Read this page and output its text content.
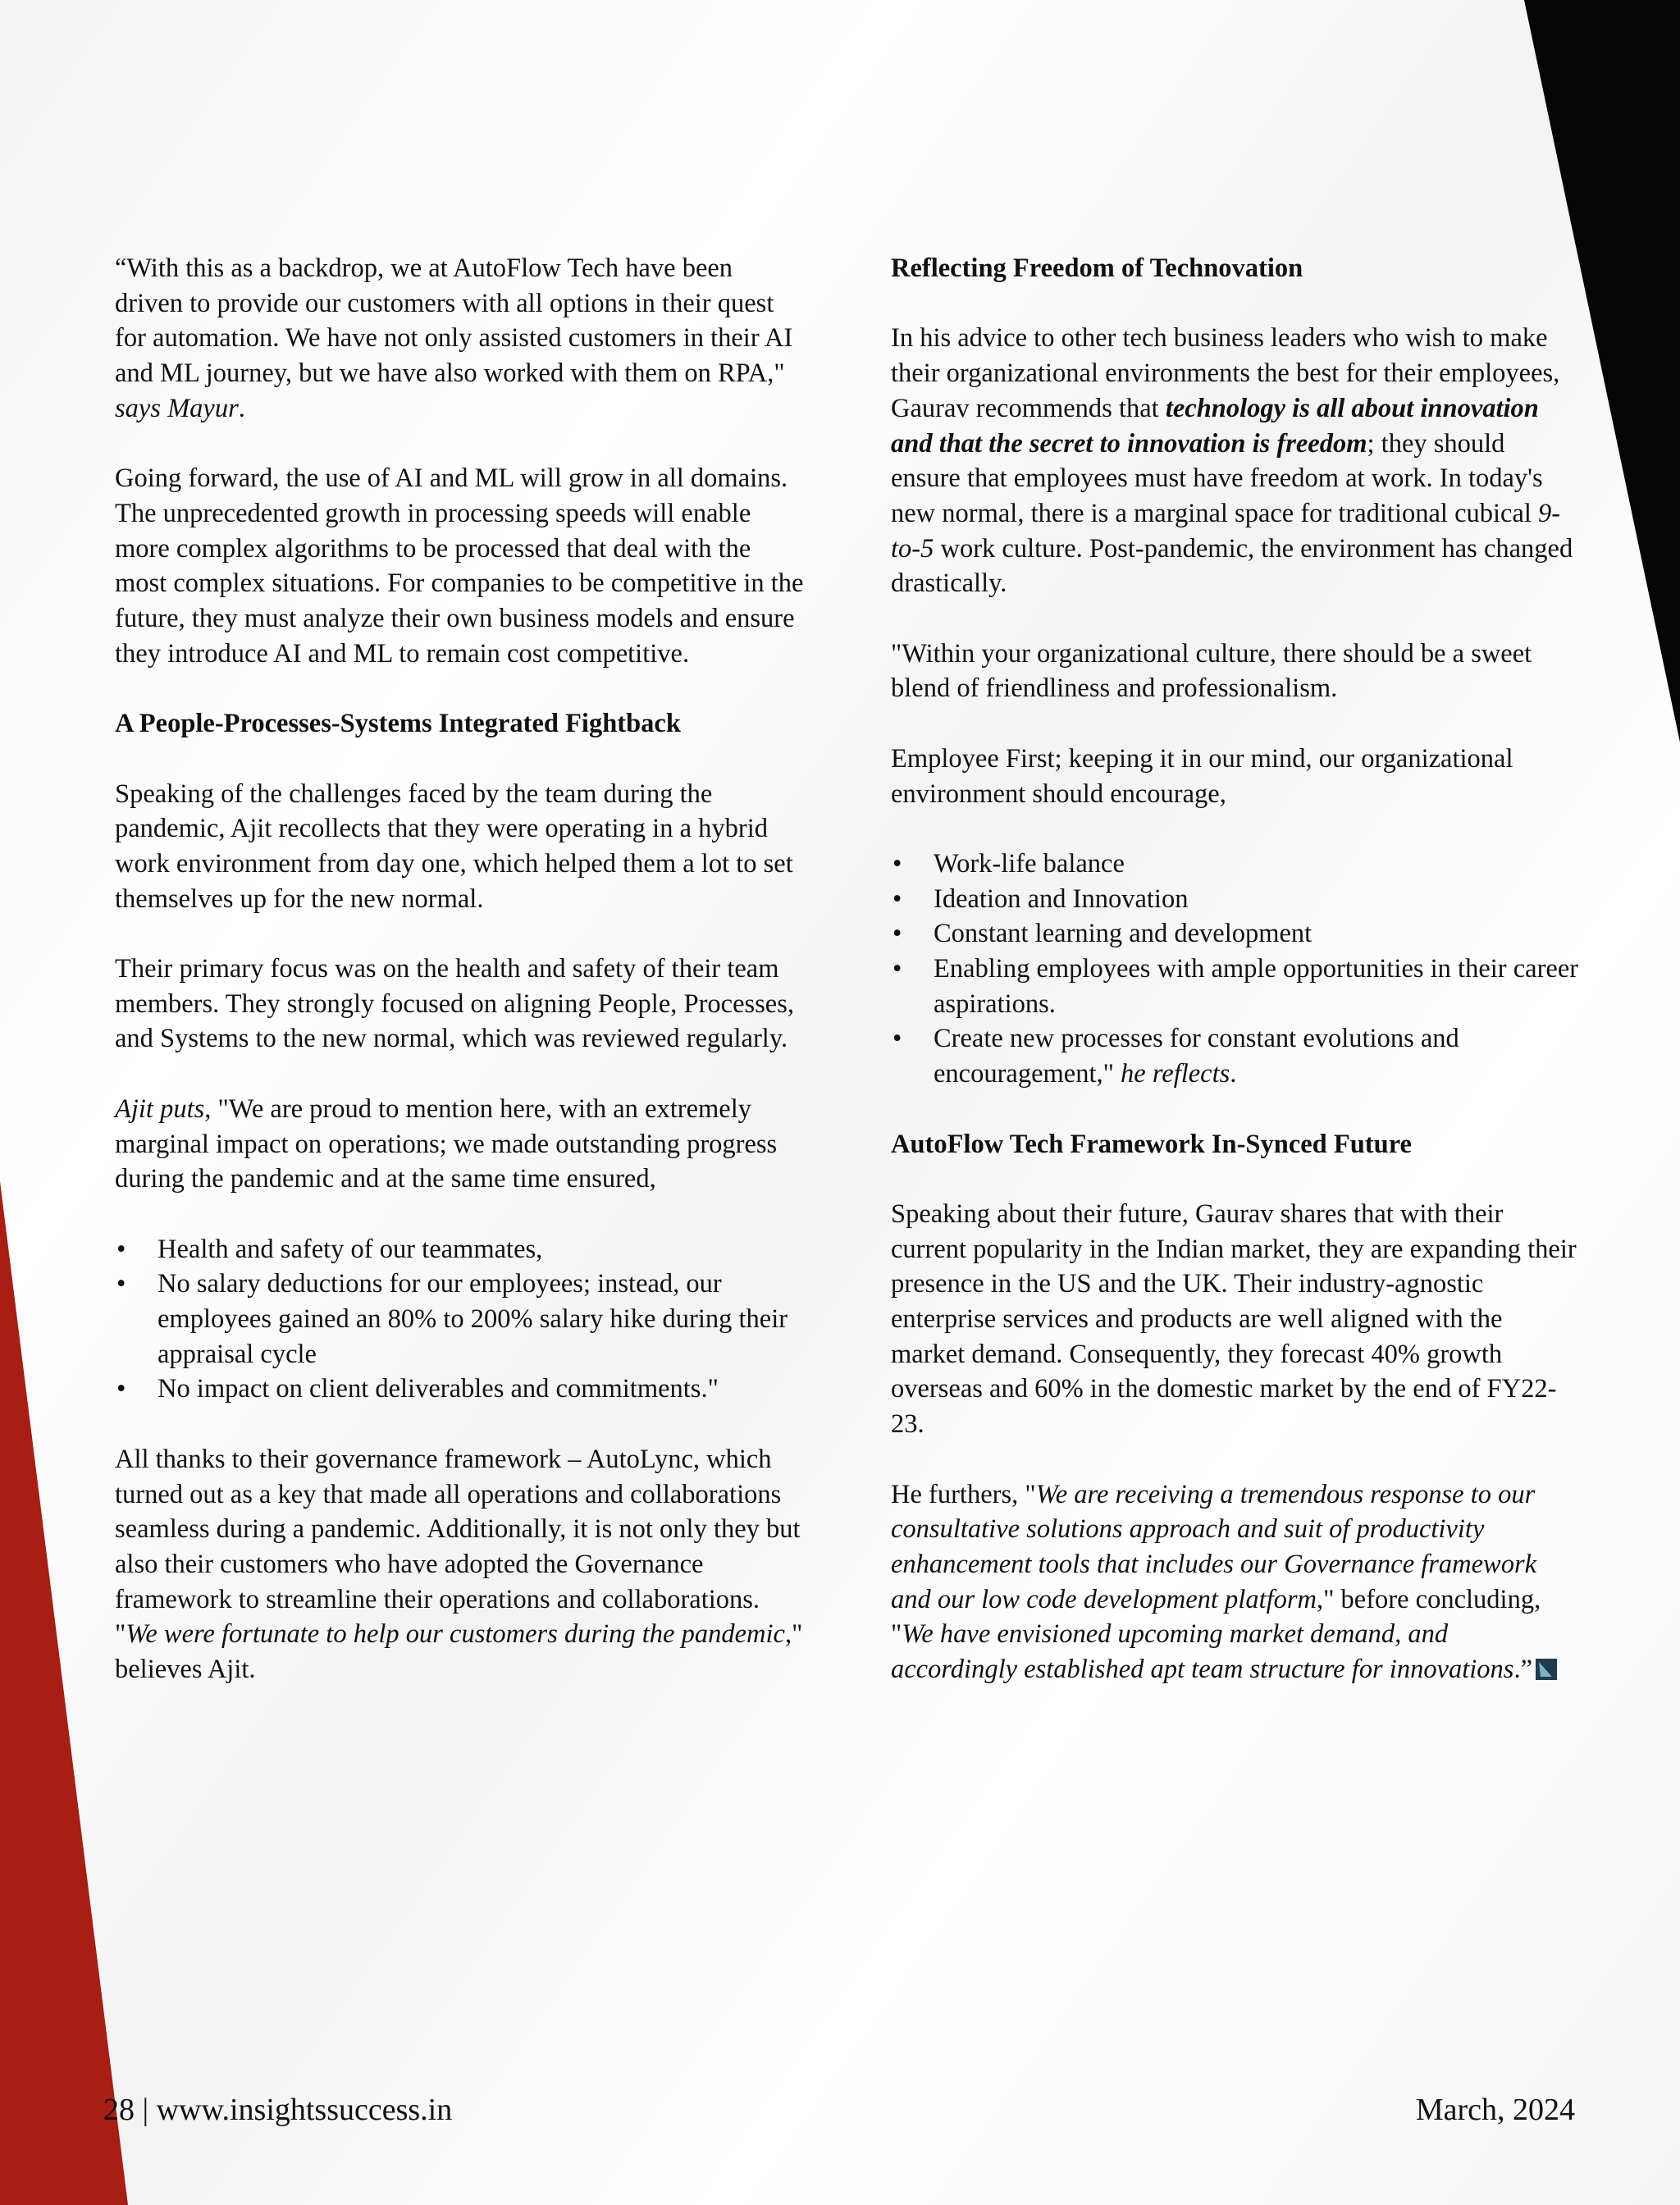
“With this as a backdrop, we at AutoFlow Tech have been driven to provide our customers with all options in their quest for automation. We have not only assisted customers in their AI and ML journey, but we have also worked with them on RPA," says Mayur.

Going forward, the use of AI and ML will grow in all domains. The unprecedented growth in processing speeds will enable more complex algorithms to be processed that deal with the most complex situations. For companies to be competitive in the future, they must analyze their own business models and ensure they introduce AI and ML to remain cost competitive.

A People-Processes-Systems Integrated Fightback

Speaking of the challenges faced by the team during the pandemic, Ajit recollects that they were operating in a hybrid work environment from day one, which helped them a lot to set themselves up for the new normal.

Their primary focus was on the health and safety of their team members. They strongly focused on aligning People, Processes, and Systems to the new normal, which was reviewed regularly.

Ajit puts, "We are proud to mention here, with an extremely marginal impact on operations; we made outstanding progress during the pandemic and at the same time ensured,

• Health and safety of our teammates,
• No salary deductions for our employees; instead, our employees gained an 80% to 200% salary hike during their appraisal cycle
• No impact on client deliverables and commitments."

All thanks to their governance framework – AutoLync, which turned out as a key that made all operations and collaborations seamless during a pandemic. Additionally, it is not only they but also their customers who have adopted the Governance framework to streamline their operations and collaborations. "We were fortunate to help our customers during the pandemic," believes Ajit.

Reflecting Freedom of Technovation

In his advice to other tech business leaders who wish to make their organizational environments the best for their employees, Gaurav recommends that technology is all about innovation and that the secret to innovation is freedom; they should ensure that employees must have freedom at work. In today's new normal, there is a marginal space for traditional cubical 9-to-5 work culture. Post-pandemic, the environment has changed drastically.

"Within your organizational culture, there should be a sweet blend of friendliness and professionalism.

Employee First; keeping it in our mind, our organizational environment should encourage,

• Work-life balance
• Ideation and Innovation
• Constant learning and development
• Enabling employees with ample opportunities in their career aspirations.
• Create new processes for constant evolutions and encouragement," he reflects.
AutoFlow Tech Framework In-Synced Future

Speaking about their future, Gaurav shares that with their current popularity in the Indian market, they are expanding their presence in the US and the UK. Their industry-agnostic enterprise services and products are well aligned with the market demand. Consequently, they forecast 40% growth overseas and 60% in the domestic market by the end of FY22-23.

He furthers, "We are receiving a tremendous response to our consultative solutions approach and suit of productivity enhancement tools that includes our Governance framework and our low code development platform," before concluding, "We have envisioned upcoming market demand, and accordingly established apt team structure for innovations.”

28 | www.insightssuccess.in	March, 2024
